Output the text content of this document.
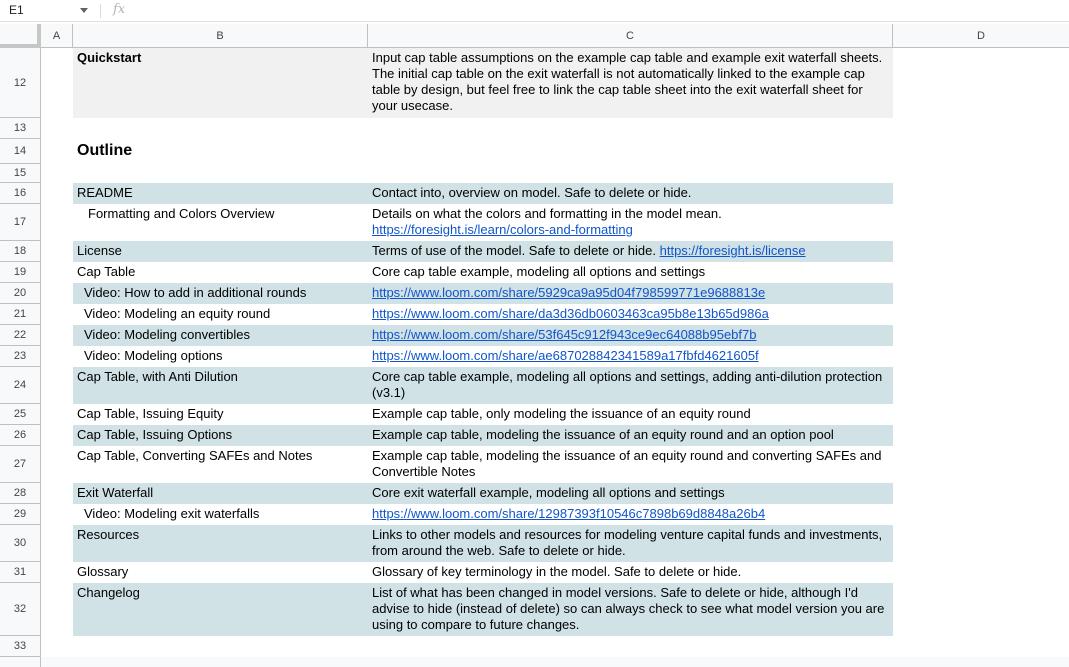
E1	fx
A	B	C	D
12
13
14
15
16
17
18
19
20
21
22
23
24
25
26
27
28
29
30
31
32
33
Quickstart	Input cap table assumptions on the example cap table and example exit waterfall sheets. The initial cap table on the exit waterfall is not automatically linked to the example cap table by design, but feel free to link the cap table sheet into the exit waterfall sheet for your usecase.
Outline
README	Contact into, overview on model. Safe to delete or hide.
Formatting and Colors Overview	Details on what the colors and formatting in the model mean.
https://foresight.is/learn/colors-and-formatting
License	Terms of use of the model. Safe to delete or hide. https://foresight.is/license
Cap Table	Core cap table example, modeling all options and settings
Video: How to add in additional rounds	https://www.loom.com/share/5929ca9a95d04f798599771e9688813e
Video: Modeling an equity round	https://www.loom.com/share/da3d36db0603463ca95b8e13b65d986a
Video: Modeling convertibles	https://www.loom.com/share/53f645c912f943ce9ec64088b95ebf7b
Video: Modeling options	https://www.loom.com/share/ae687028842341589a17fbfd4621605f
Cap Table, with Anti Dilution	Core cap table example, modeling all options and settings, adding anti-dilution protection (v3.1)
Cap Table, Issuing Equity	Example cap table, only modeling the issuance of an equity round
Cap Table, Issuing Options	Example cap table, modeling the issuance of an equity round and an option pool
Cap Table, Converting SAFEs and Notes	Example cap table, modeling the issuance of an equity round and converting SAFEs and Convertible Notes
Exit Waterfall	Core exit waterfall example, modeling all options and settings
Video: Modeling exit waterfalls	https://www.loom.com/share/12987393f10546c7898b69d8848a26b4
Resources	Links to other models and resources for modeling venture capital funds and investments, from around the web. Safe to delete or hide.
Glossary	Glossary of key terminology in the model. Safe to delete or hide.
Changelog	List of what has been changed in model versions. Safe to delete or hide, although I'd advise to hide (instead of delete) so can always check to see what model version you are using to compare to future changes.
